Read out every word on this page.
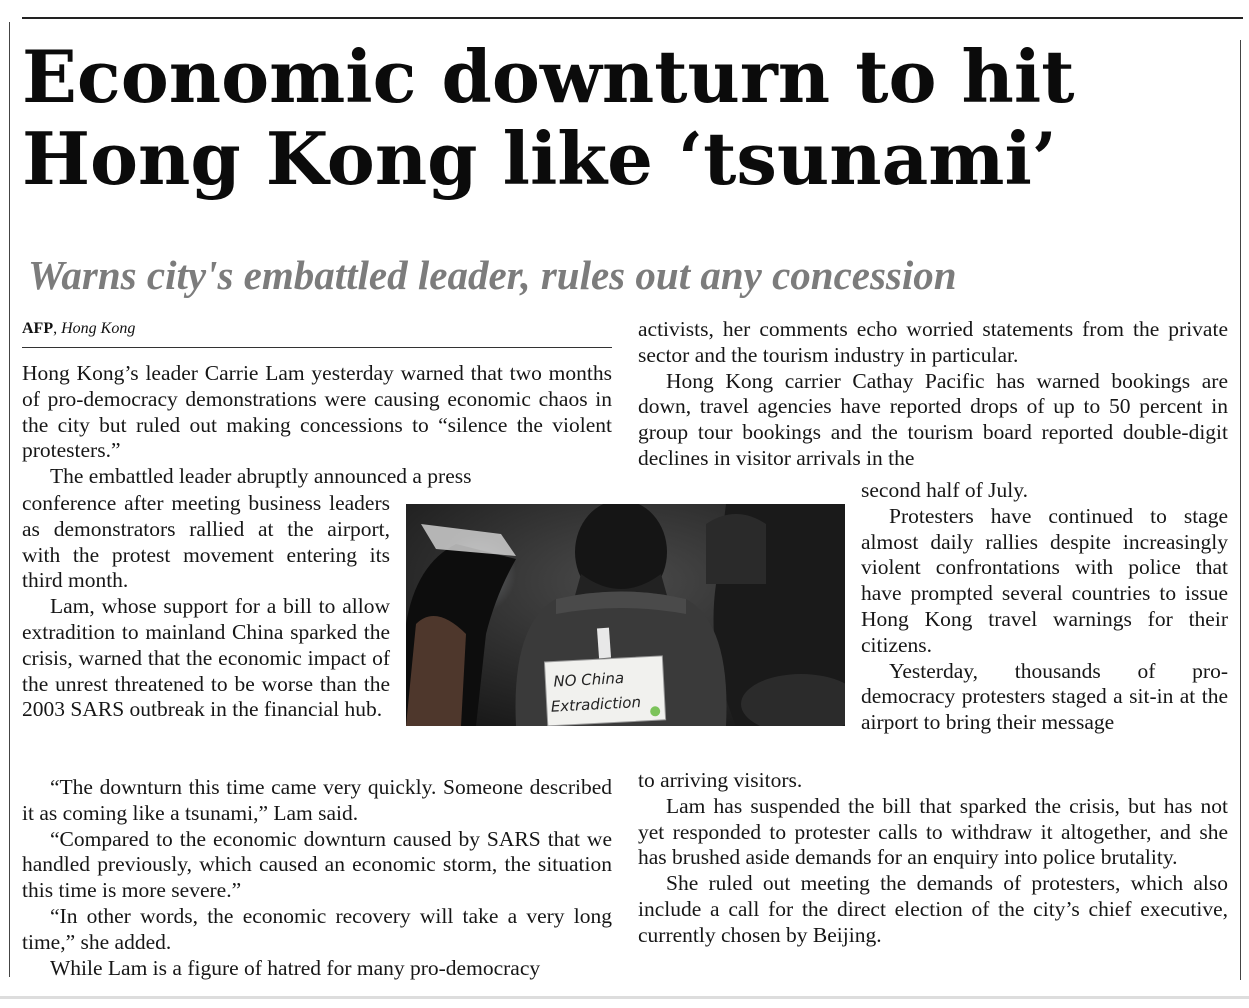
Economic downturn to hit
Hong Kong like ‘tsunami’
Warns city's embattled leader, rules out any concession
AFP, Hong Kong

Hong Kong’s leader Carrie Lam yesterday warned that two months of pro-democracy demonstrations were causing economic chaos in the city but ruled out making concessions to “silence the violent protesters.”

The embattled leader abruptly announced a press

conference after meeting business leaders as demonstrators rallied at the airport, with the protest movement entering its third month.

Lam, whose support for a bill to allow extradition to mainland China sparked the crisis, warned that the economic impact of the unrest threatened to be worse than the 2003 SARS outbreak in the financial hub.

“The downturn this time came very quickly. Someone described it as coming like a tsunami,” Lam said.

“Compared to the economic downturn caused by SARS that we handled previously, which caused an economic storm, the situation this time is more severe.”

“In other words, the economic recovery will take a very long time,” she added.

While Lam is a figure of hatred for many pro-democracy

activists, her comments echo worried statements from the private sector and the tourism industry in particular.

Hong Kong carrier Cathay Pacific has warned bookings are down, travel agencies have reported drops of up to 50 percent in group tour bookings and the tourism board reported double-digit declines in visitor arrivals in the

second half of July.

Protesters have continued to stage almost daily rallies despite increasingly violent confrontations with police that have prompted several countries to issue Hong Kong travel warnings for their citizens.

Yesterday, thousands of pro-democracy protesters staged a sit-in at the airport to bring their message

to arriving visitors.

Lam has suspended the bill that sparked the crisis, but has not yet responded to protester calls to withdraw it altogether, and she has brushed aside demands for an enquiry into police brutality.

She ruled out meeting the demands of protesters, which also include a call for the direct election of the city’s chief executive, currently chosen by Beijing.

NO China
Extradiction
